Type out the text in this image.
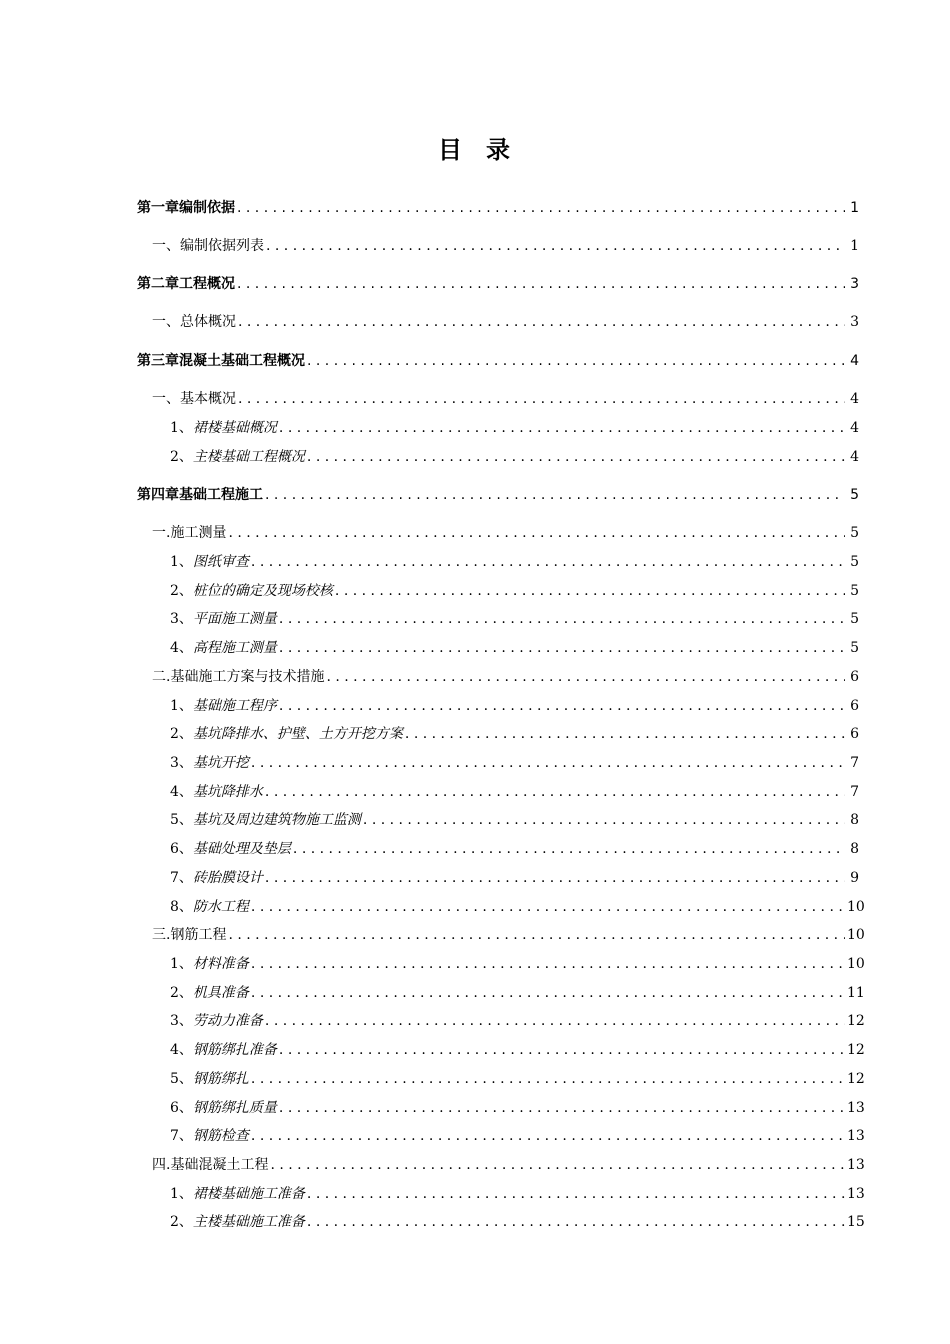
目 录
第一章 编制依据 . . .	1
一、 编制依据列表 . . .	1
第二章 工程概况 . . .	3
一、 总体概况 . . .	3
第三章 混凝土基础工程概况 . . .	4
一、 基本概况 . . .	4
1、 裙楼基础概况 . . .	4
2、 主楼基础工程概况 . . .	4
第四章 基础工程施工 . . .	5
一. 施工测量 . . .	5
1、 图纸审查 . . .	5
2、 桩位的确定及现场校核 . . .	5
3、 平面施工测量 . . .	5
4、 高程施工测量 . . .	5
二. 基础施工方案与技术措施 . . .	6
1、 基础施工程序 . . .	6
2、 基坑降排水、护壁、土方开挖方案 . . .	6
3、 基坑开挖 . . .	7
4、 基坑降排水 . . .	7
5、 基坑及周边建筑物施工监测 . . .	8
6、 基础处理及垫层 . . .	8
7、 砖胎膜设计 . . .	9
8、 防水工程 . . .	10
三. 钢筋工程 . . .	10
1、 材料准备 . . .	10
2、 机具准备 . . .	11
3、 劳动力准备 . . .	12
4、 钢筋绑扎准备 . . .	12
5、 钢筋绑扎 . . .	12
6、 钢筋绑扎质量 . . .	13
7、 钢筋检查 . . .	13
四. 基础混凝土工程 . . .	13
1、 裙楼基础施工准备 . . .	13
2、 主楼基础施工准备 . . .	15
